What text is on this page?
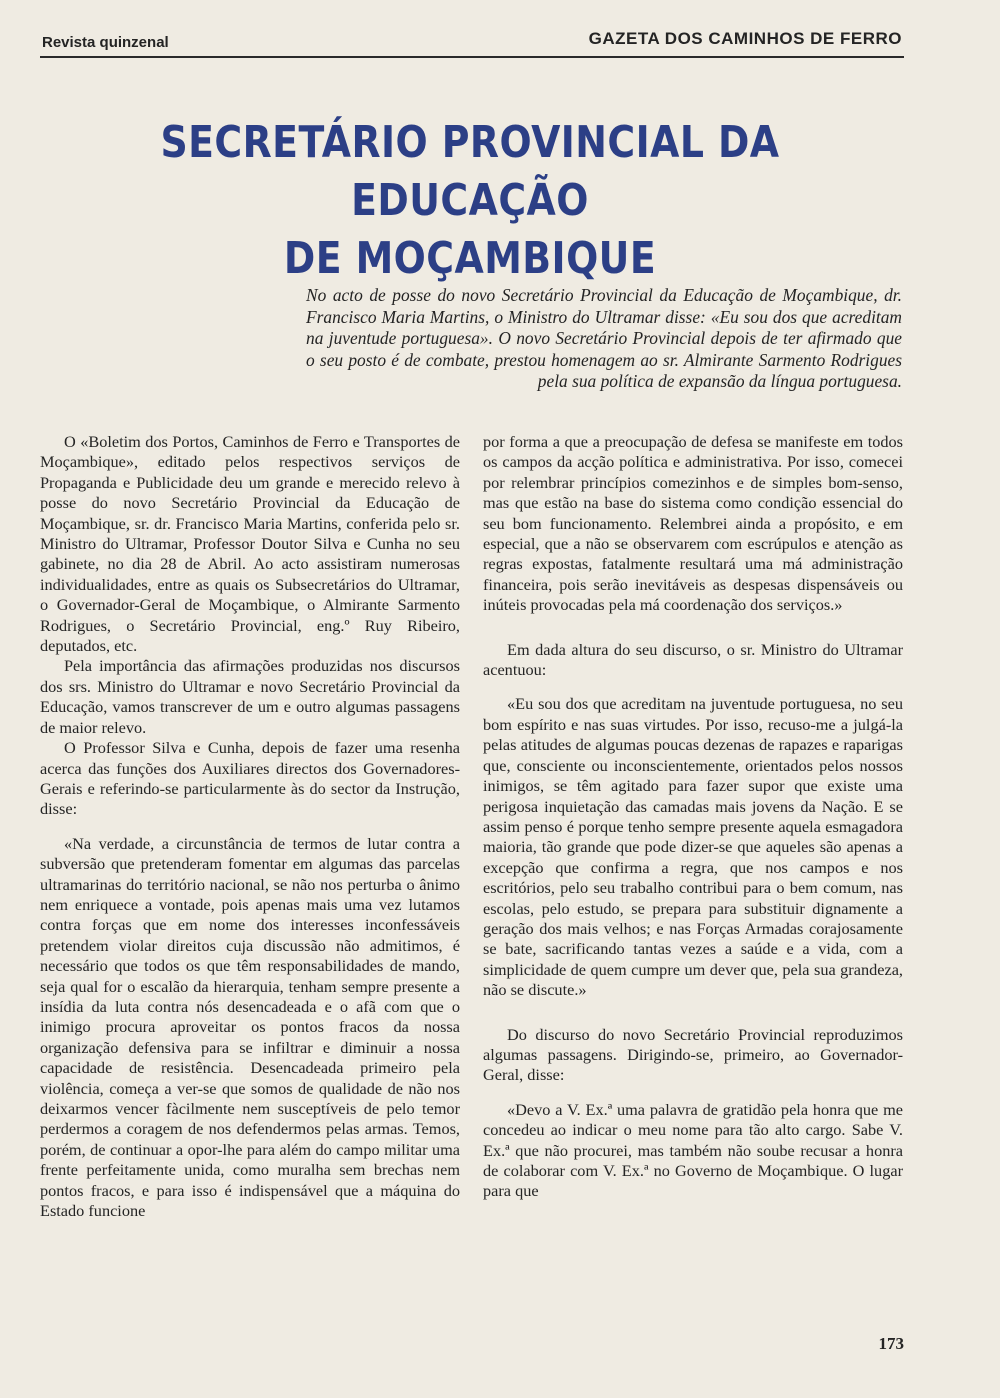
Revista quinzenal	GAZETA DOS CAMINHOS DE FERRO
SECRETÁRIO PROVINCIAL DA EDUCAÇÃO
DE MOÇAMBIQUE
No acto de posse do novo Secretário Provincial da Educação de Moçambique, dr. Francisco Maria Martins, o Ministro do Ultramar disse: «Eu sou dos que acreditam na juventude portuguesa». O novo Secretário Provincial depois de ter afirmado que o seu posto é de combate, prestou homenagem ao sr. Almirante Sarmento Rodrigues pela sua política de expansão da língua portuguesa.

O «Boletim dos Portos, Caminhos de Ferro e Transportes de Moçambique», editado pelos respectivos serviços de Propaganda e Publicidade deu um grande e merecido relevo à posse do novo Secretário Provincial da Educação de Moçambique, sr. dr. Francisco Maria Martins, conferida pelo sr. Ministro do Ultramar, Professor Doutor Silva e Cunha no seu gabinete, no dia 28 de Abril. Ao acto assistiram numerosas individualidades, entre as quais os Subsecretários do Ultramar, o Governador-Geral de Moçambique, o Almirante Sarmento Rodrigues, o Secretário Provincial, eng.º Ruy Ribeiro, deputados, etc.

Pela importância das afirmações produzidas nos discursos dos srs. Ministro do Ultramar e novo Secretário Provincial da Educação, vamos transcrever de um e outro algumas passagens de maior relevo.

O Professor Silva e Cunha, depois de fazer uma resenha acerca das funções dos Auxiliares directos dos Governadores-Gerais e referindo-se particularmente às do sector da Instrução, disse:

«Na verdade, a circunstância de termos de lutar contra a subversão que pretenderam fomentar em algumas das parcelas ultramarinas do território nacional, se não nos perturba o ânimo nem enriquece a vontade, pois apenas mais uma vez lutamos contra forças que em nome dos interesses inconfessáveis pretendem violar direitos cuja discussão não admitimos, é necessário que todos os que têm responsabilidades de mando, seja qual for o escalão da hierarquia, tenham sempre presente a insídia da luta contra nós desencadeada e o afã com que o inimigo procura aproveitar os pontos fracos da nossa organização defensiva para se infiltrar e diminuir a nossa capacidade de resistência. Desencadeada primeiro pela violência, começa a ver-se que somos de qualidade de não nos deixarmos vencer fàcilmente nem susceptíveis de pelo temor perdermos a coragem de nos defendermos pelas armas. Temos, porém, de continuar a opor-lhe para além do campo militar uma frente perfeitamente unida, como muralha sem brechas nem pontos fracos, e para isso é indispensável que a máquina do Estado funcione

por forma a que a preocupação de defesa se manifeste em todos os campos da acção política e administrativa. Por isso, comecei por relembrar princípios comezinhos e de simples bom-senso, mas que estão na base do sistema como condição essencial do seu bom funcionamento. Relembrei ainda a propósito, e em especial, que a não se observarem com escrúpulos e atenção as regras expostas, fatalmente resultará uma má administração financeira, pois serão inevitáveis as despesas dispensáveis ou inúteis provocadas pela má coordenação dos serviços.»

Em dada altura do seu discurso, o sr. Ministro do Ultramar acentuou:

«Eu sou dos que acreditam na juventude portuguesa, no seu bom espírito e nas suas virtudes. Por isso, recuso-me a julgá-la pelas atitudes de algumas poucas dezenas de rapazes e raparigas que, consciente ou inconscientemente, orientados pelos nossos inimigos, se têm agitado para fazer supor que existe uma perigosa inquietação das camadas mais jovens da Nação. E se assim penso é porque tenho sempre presente aquela esmagadora maioria, tão grande que pode dizer-se que aqueles são apenas a excepção que confirma a regra, que nos campos e nos escritórios, pelo seu trabalho contribui para o bem comum, nas escolas, pelo estudo, se prepara para substituir dignamente a geração dos mais velhos; e nas Forças Armadas corajosamente se bate, sacrificando tantas vezes a saúde e a vida, com a simplicidade de quem cumpre um dever que, pela sua grandeza, não se discute.»

Do discurso do novo Secretário Provincial reproduzimos algumas passagens. Dirigindo-se, primeiro, ao Governador-Geral, disse:

«Devo a V. Ex.ª uma palavra de gratidão pela honra que me concedeu ao indicar o meu nome para tão alto cargo. Sabe V. Ex.ª que não procurei, mas também não soube recusar a honra de colaborar com V. Ex.ª no Governo de Moçambique. O lugar para que

173
